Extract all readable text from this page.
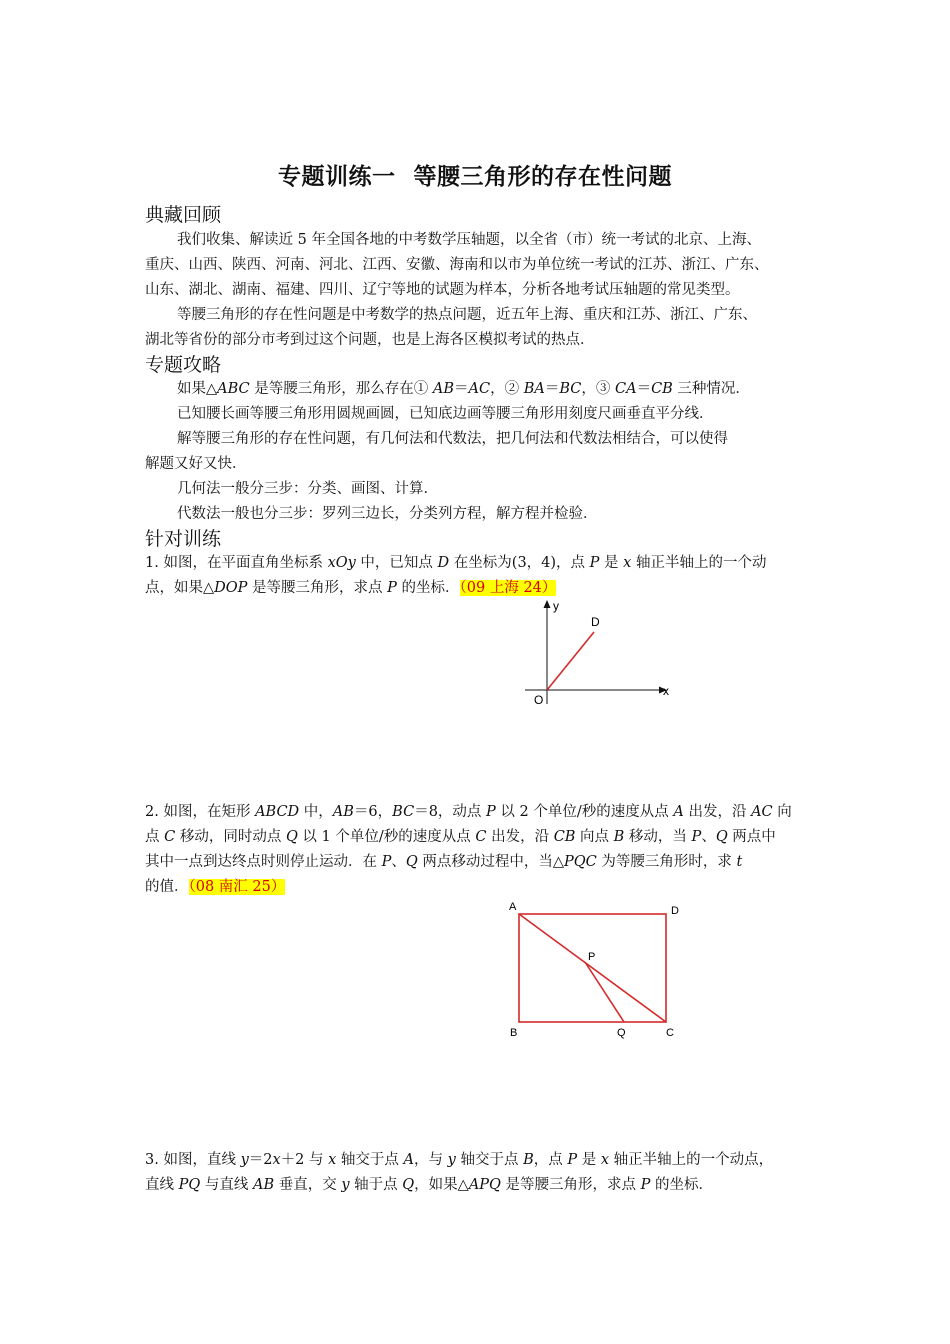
专题训练一 等腰三角形的存在性问题
典藏回顾
我们收集、解读近 5 年全国各地的中考数学压轴题，以全省（市）统一考试的北京、上海、
重庆、山西、陕西、河南、河北、江西、安徽、海南和以市为单位统一考试的江苏、浙江、广东、
山东、湖北、湖南、福建、四川、辽宁等地的试题为样本，分析各地考试压轴题的常见类型。
等腰三角形的存在性问题是中考数学的热点问题，近五年上海、重庆和江苏、浙江、广东、
湖北等省份的部分市考到过这个问题，也是上海各区模拟考试的热点．
专题攻略
如果△ABC 是等腰三角形，那么存在① AB＝AC，② BA＝BC，③ CA＝CB 三种情况．
已知腰长画等腰三角形用圆规画圆，已知底边画等腰三角形用刻度尺画垂直平分线．
解等腰三角形的存在性问题，有几何法和代数法，把几何法和代数法相结合，可以使得
解题又好又快．
几何法一般分三步：分类、画图、计算．
代数法一般也分三步：罗列三边长，分类列方程，解方程并检验．
针对训练
1. 如图，在平面直角坐标系 xOy 中，已知点 D 在坐标为(3，4)，点 P 是 x 轴正半轴上的一个动
点，如果△DOP 是等腰三角形，求点 P 的坐标．（09 上海 24）
y
x
O
D
2. 如图，在矩形 ABCD 中，AB＝6，BC＝8，动点 P 以 2 个单位/秒的速度从点 A 出发，沿 AC 向
点 C 移动，同时动点 Q 以 1 个单位/秒的速度从点 C 出发，沿 CB 向点 B 移动，当 P、Q 两点中
其中一点到达终点时则停止运动．在 P、Q 两点移动过程中，当△PQC 为等腰三角形时，求 t
的值．（08 南汇 25）
A	D
P
B	Q	C
3. 如图，直线 y＝2x＋2 与 x 轴交于点 A，与 y 轴交于点 B，点 P 是 x 轴正半轴上的一个动点，
直线 PQ 与直线 AB 垂直，交 y 轴于点 Q，如果△APQ 是等腰三角形，求点 P 的坐标．
